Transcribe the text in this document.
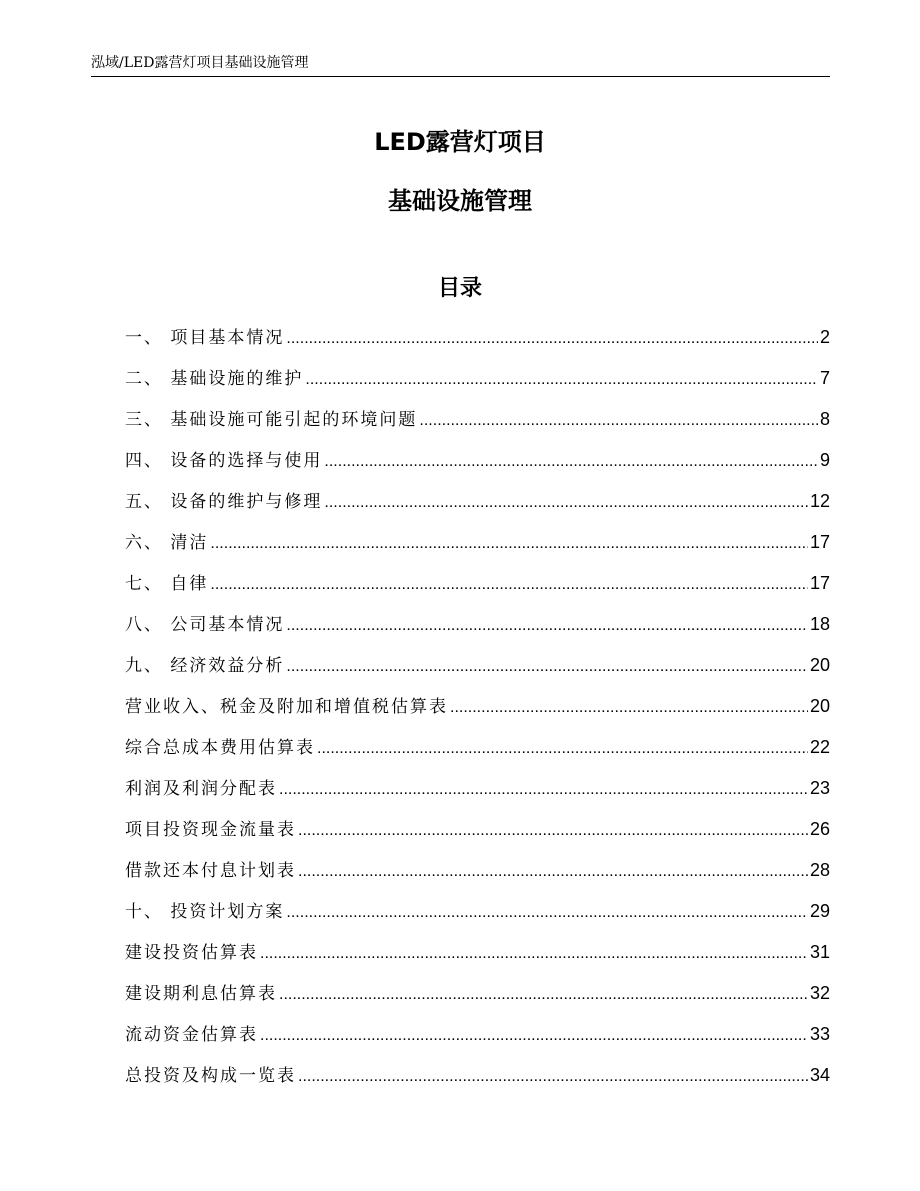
泓域/LED露营灯项目基础设施管理
LED露营灯项目
基础设施管理
目录
一、 项目基本情况 .....	2
二、 基础设施的维护 .....	7
三、 基础设施可能引起的环境问题 .....	8
四、 设备的选择与使用 .....	9
五、 设备的维护与修理 .....	12
六、 清洁 .....	17
七、 自律 .....	17
八、 公司基本情况 .....	18
九、 经济效益分析 .....	20
营业收入、税金及附加和增值税估算表 .....	20
综合总成本费用估算表 .....	22
利润及利润分配表 .....	23
项目投资现金流量表 .....	26
借款还本付息计划表 .....	28
十、 投资计划方案 .....	29
建设投资估算表 .....	31
建设期利息估算表 .....	32
流动资金估算表 .....	33
总投资及构成一览表 .....	34
